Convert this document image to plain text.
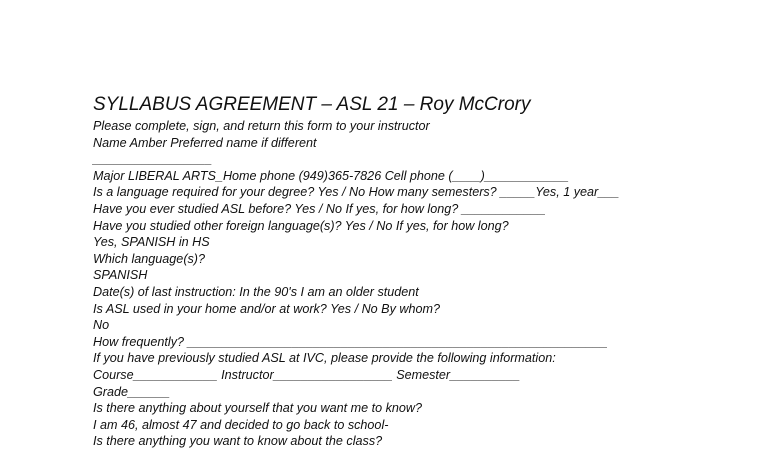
SYLLABUS AGREEMENT – ASL 21 – Roy McCrory
Please complete, sign, and return this form to your instructor
Name Amber Preferred name if different
_________________
Major LIBERAL ARTS_Home phone (949)365-7826 Cell phone (____)____________
Is a language required for your degree? Yes / No How many semesters? _____Yes, 1 year___
Have you ever studied ASL before? Yes / No If yes, for how long? ____________
Have you studied other foreign language(s)? Yes / No If yes, for how long?
Yes, SPANISH in HS
Which language(s)?
SPANISH
Date(s) of last instruction: In the 90's I am an older student
Is ASL used in your home and/or at work? Yes / No By whom?
No
How frequently? ____________________________________________________________
If you have previously studied ASL at IVC, please provide the following information:
Course____________ Instructor_________________ Semester__________
Grade______
Is there anything about yourself that you want me to know?
I am 46, almost 47 and decided to go back to school-
Is there anything you want to know about the class?
